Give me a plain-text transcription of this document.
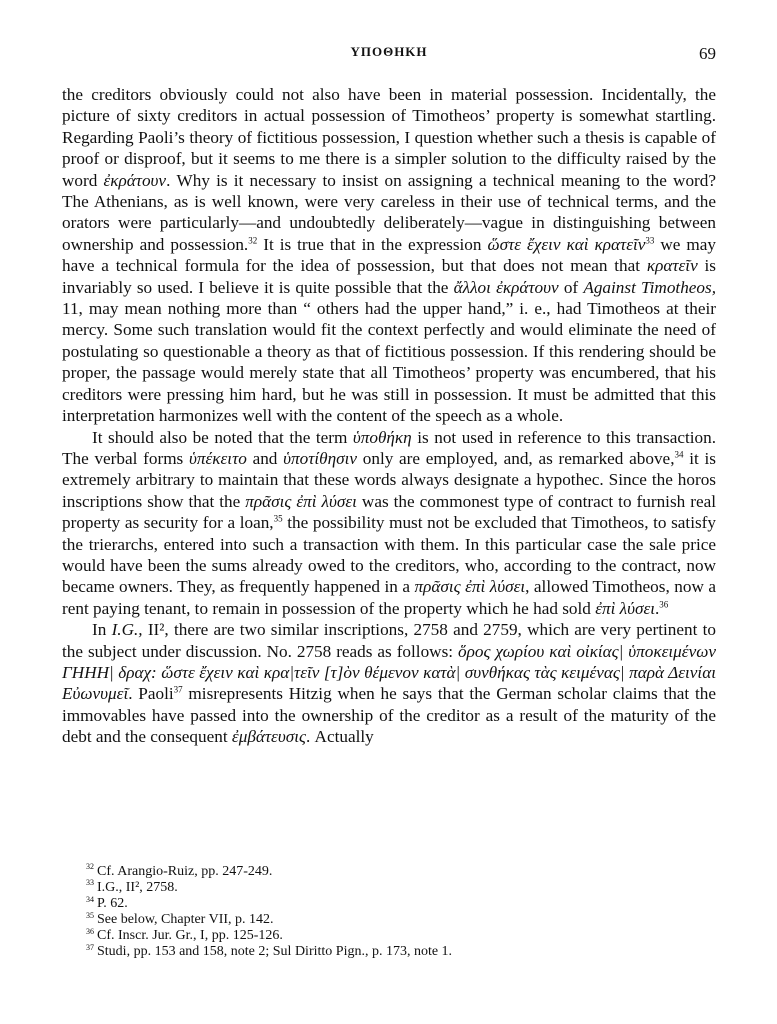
ΥΠΟΘΗΚΗ	69

the creditors obviously could not also have been in material possession. Incidentally, the picture of sixty creditors in actual possession of Timotheos’ property is somewhat startling. Regarding Paoli’s theory of fictitious possession, I question whether such a thesis is capable of proof or disproof, but it seems to me there is a simpler solution to the difficulty raised by the word ἐκράτουν. Why is it necessary to insist on assigning a technical meaning to the word? The Athenians, as is well known, were very careless in their use of technical terms, and the orators were particularly—and undoubtedly deliberately—vague in distinguishing between ownership and possession.$^{32}$ It is true that in the expression ὥστε ἔχειν καὶ κρατεῖν$^{33}$ we may have a technical formula for the idea of possession, but that does not mean that κρατεῖν is invariably so used. I believe it is quite possible that the ἄλλοι ἐκράτουν of Against Timotheos, 11, may mean nothing more than “ others had the upper hand,” i. e., had Timotheos at their mercy. Some such translation would fit the context perfectly and would eliminate the need of postulating so questionable a theory as that of fictitious possession. If this rendering should be proper, the passage would merely state that all Timotheos’ property was encumbered, that his creditors were pressing him hard, but he was still in possession. It must be admitted that this interpretation harmonizes well with the content of the speech as a whole.

It should also be noted that the term ὑποθήκη is not used in reference to this transaction. The verbal forms ὑπέκειτο and ὑποτίθησιν only are employed, and, as remarked above,$^{34}$ it is extremely arbitrary to maintain that these words always designate a hypothec. Since the horos inscriptions show that the πρᾶσις ἐπὶ λύσει was the commonest type of contract to furnish real property as security for a loan,$^{35}$ the possibility must not be excluded that Timotheos, to satisfy the trierarchs, entered into such a transaction with them. In this particular case the sale price would have been the sums already owed to the creditors, who, according to the contract, now became owners. They, as frequently happened in a πρᾶσις ἐπὶ λύσει, allowed Timotheos, now a rent paying tenant, to remain in possession of the property which he had sold ἐπὶ λύσει.$^{36}$

In I.G., II², there are two similar inscriptions, 2758 and 2759, which are very pertinent to the subject under discussion. No. 2758 reads as follows: ὅρος χωρίου καὶ οἰκίας| ὑποκειμένων ΓΗΗΗ| δραχ: ὥστε ἔχειν καὶ κρα|τεῖν [τ]ὸν θέμενον κατὰ| συνθήκας τὰς κειμένας| παρὰ Δεινίαι Εὐωνυμεῖ. Paoli$^{37}$ misrepresents Hitzig when he says that the German scholar claims that the immovables have passed into the ownership of the creditor as a result of the maturity of the debt and the consequent ἐμβάτευσις. Actually

$^{32}$ Cf. Arangio-Ruiz, pp. 247-249.

$^{33}$ I.G., II², 2758.

$^{34}$ P. 62.

$^{35}$ See below, Chapter VII, p. 142.

$^{36}$ Cf. Inscr. Jur. Gr., I, pp. 125-126.

$^{37}$ Studi, pp. 153 and 158, note 2; Sul Diritto Pign., p. 173, note 1.
